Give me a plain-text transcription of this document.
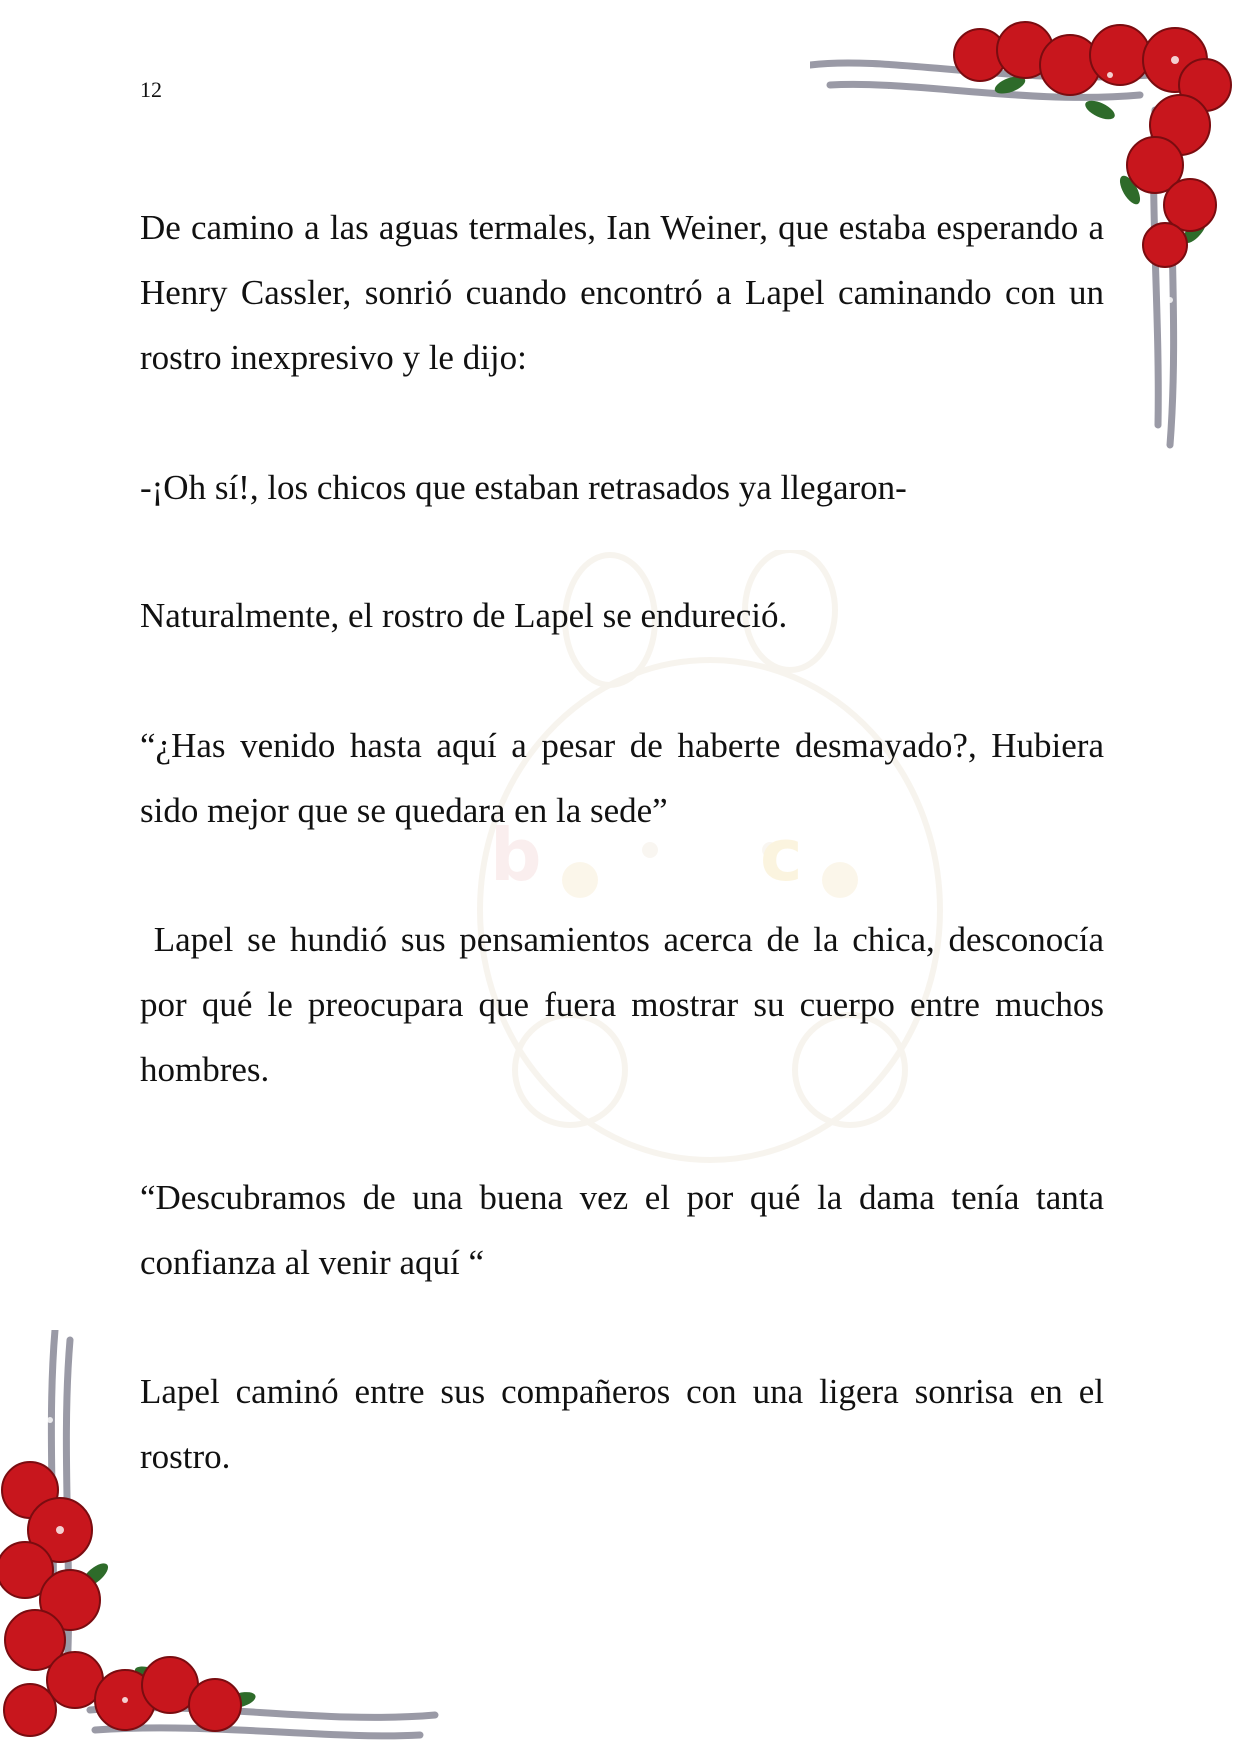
b	c
12
De camino a las aguas termales, Ian Weiner, que estaba esperando a Henry Cassler, sonrió cuando encontró a Lapel caminando con un rostro inexpresivo y le dijo:
-¡Oh sí!, los chicos que estaban retrasados ya llegaron-
Naturalmente, el rostro de Lapel se endureció.
“¿Has venido hasta aquí a pesar de haberte desmayado?, Hubiera sido mejor que se quedara en la sede”
Lapel se hundió sus pensamientos acerca de la chica, desconocía por qué le preocupara que fuera mostrar su cuerpo entre muchos hombres.
“Descubramos de una buena vez el por qué la dama tenía tanta confianza al venir aquí “
Lapel caminó entre sus compañeros con una ligera sonrisa en el rostro.
